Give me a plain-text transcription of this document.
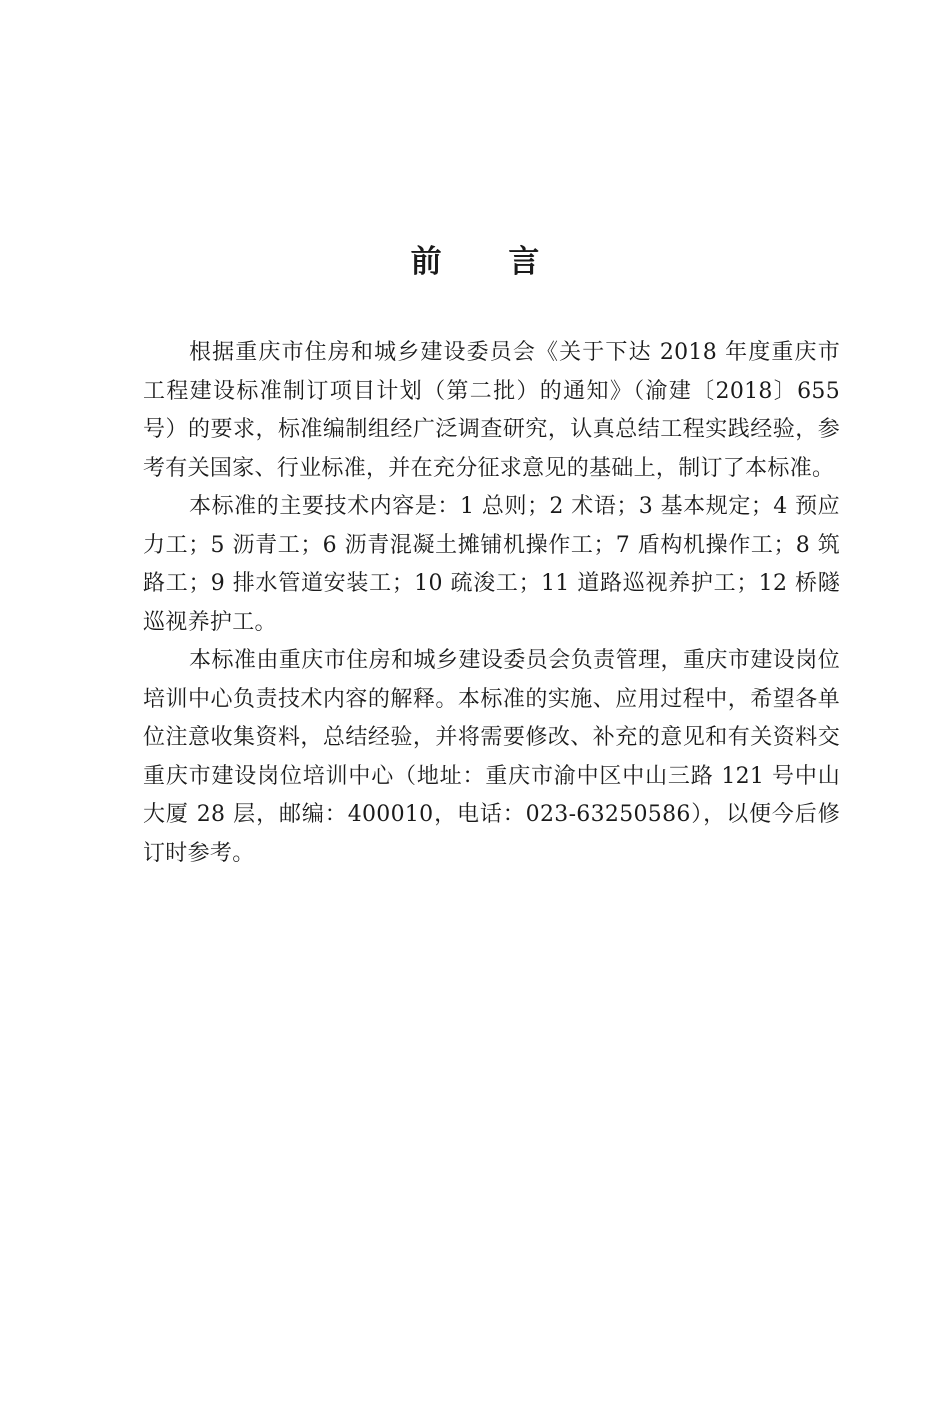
前 言

根据重庆市住房和城乡建设委员会《关于下达 2018 年度重庆市工程建设标准制订项目计划（第二批）的通知》（渝建〔2018〕655 号）的要求，标准编制组经广泛调查研究，认真总结工程实践经验，参考有关国家、行业标准，并在充分征求意见的基础上，制订了本标准。

本标准的主要技术内容是：1 总则；2 术语；3 基本规定；4 预应力工；5 沥青工；6 沥青混凝土摊铺机操作工；7 盾构机操作工；8 筑路工；9 排水管道安装工；10 疏浚工；11 道路巡视养护工；12 桥隧巡视养护工。

本标准由重庆市住房和城乡建设委员会负责管理，重庆市建设岗位培训中心负责技术内容的解释。本标准的实施、应用过程中，希望各单位注意收集资料，总结经验，并将需要修改、补充的意见和有关资料交重庆市建设岗位培训中心（地址：重庆市渝中区中山三路 121 号中山大厦 28 层，邮编：400010，电话：023-63250586），以便今后修订时参考。
